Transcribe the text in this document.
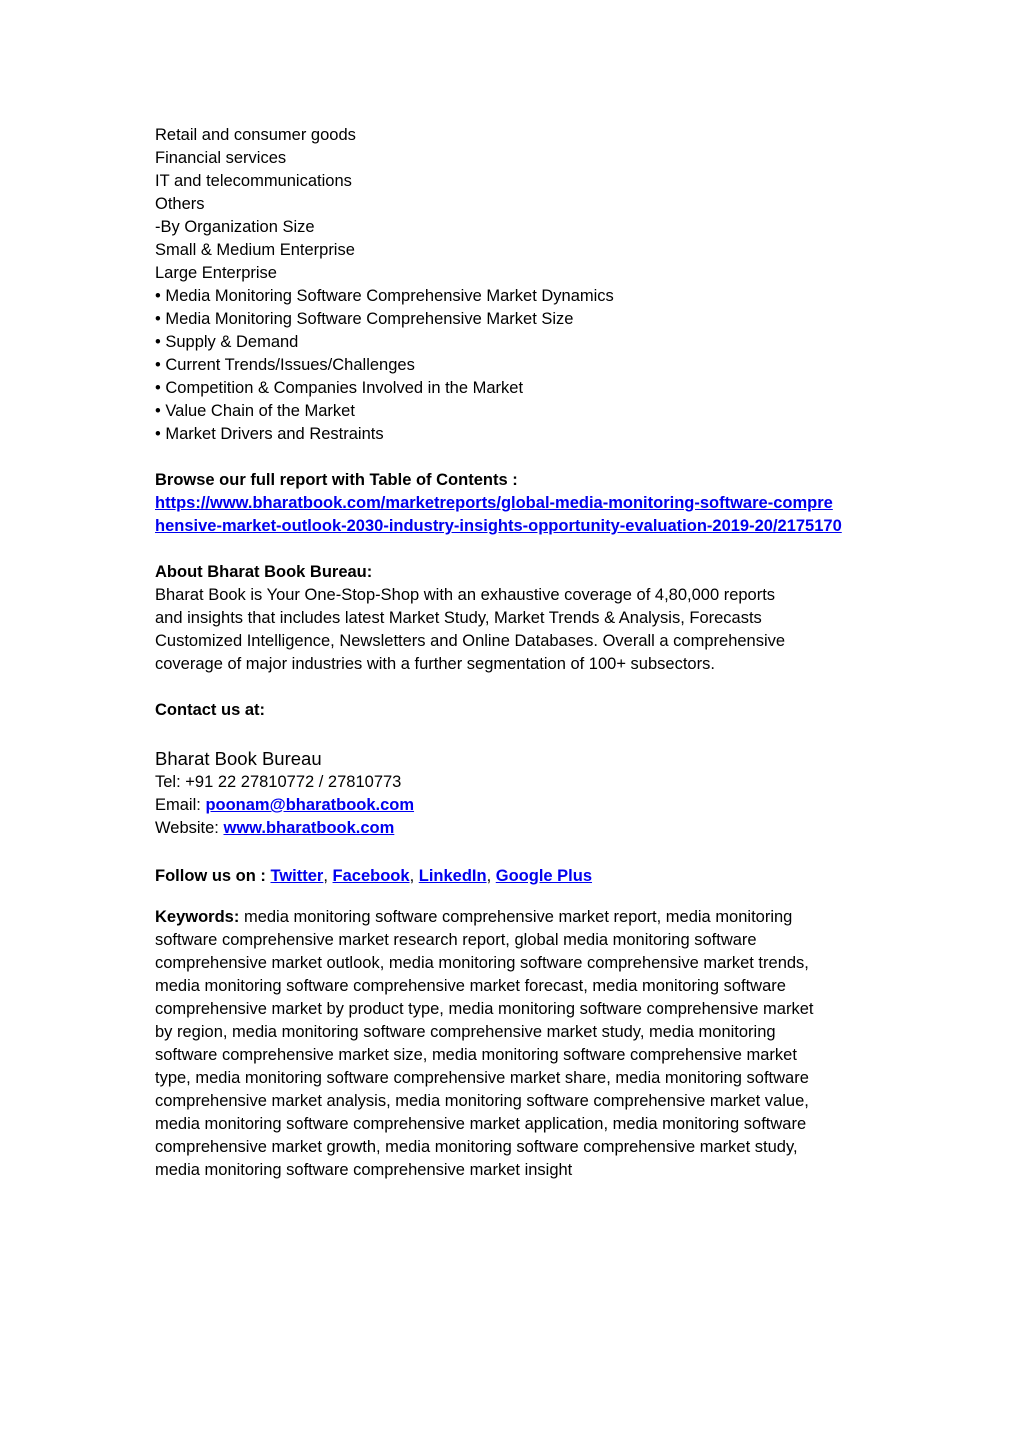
Retail and consumer goods
Financial services
IT and telecommunications
Others
-By Organization Size
Small & Medium Enterprise
Large Enterprise
• Media Monitoring Software Comprehensive Market Dynamics
• Media Monitoring Software Comprehensive Market Size
• Supply & Demand
• Current Trends/Issues/Challenges
• Competition & Companies Involved in the Market
• Value Chain of the Market
• Market Drivers and Restraints
Browse our full report with Table of Contents :
https://www.bharatbook.com/marketreports/global-media-monitoring-software-compre
hensive-market-outlook-2030-industry-insights-opportunity-evaluation-2019-20/2175170
About Bharat Book Bureau:
Bharat Book is Your One-Stop-Shop with an exhaustive coverage of 4,80,000 reports
and insights that includes latest Market Study, Market Trends & Analysis, Forecasts
Customized Intelligence, Newsletters and Online Databases. Overall a comprehensive
coverage of major industries with a further segmentation of 100+ subsectors.
Contact us at:
Bharat Book Bureau
Tel: +91 22 27810772 / 27810773
Email: poonam@bharatbook.com
Website: www.bharatbook.com
Follow us on : Twitter, Facebook, LinkedIn, Google Plus
Keywords: media monitoring software comprehensive market report, media monitoring
software comprehensive market research report, global media monitoring software
comprehensive market outlook, media monitoring software comprehensive market trends,
media monitoring software comprehensive market forecast, media monitoring software
comprehensive market by product type, media monitoring software comprehensive market
by region, media monitoring software comprehensive market study, media monitoring
software comprehensive market size, media monitoring software comprehensive market
type, media monitoring software comprehensive market share, media monitoring software
comprehensive market analysis, media monitoring software comprehensive market value,
media monitoring software comprehensive market application, media monitoring software
comprehensive market growth, media monitoring software comprehensive market study,
media monitoring software comprehensive market insight
